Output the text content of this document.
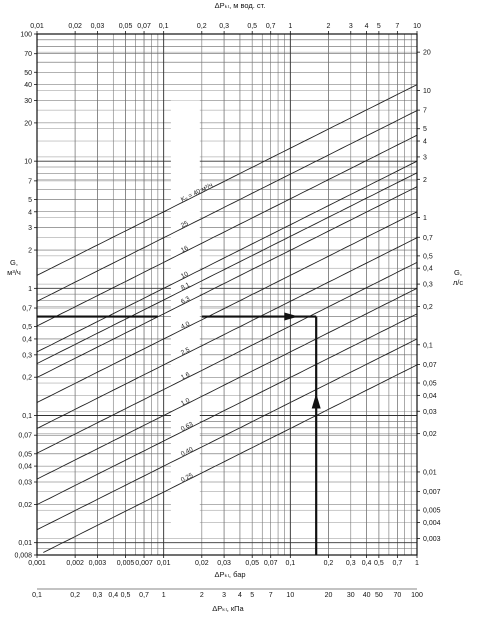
Kᵥ = 40 м³/ч
25
16
10
8,1
6,3
4,0
2,5
1,6
1,0
0,63
0,40
0,25
0,001	0,002 0,003 0,005 0,007 0,01	0,02 0,03 0,05 0,07 0,1	0,2 0,3 0,4 0,5 0,7 1
0,1	0,2 0,3 0,4 0,5 0,7 1	2	3 4 5 7 10	20 30 40 50 70 100
0,01	0,02 0,03 0,05 0,07 0,1	0,2 0,3	0,5 0,7 1	2	3 4 5 7 10
0,008
0,01
0,02
0,03
0,04
0,05
0,07
0,1
0,2
0,3
0,4
0,5
0,7
1
2
3
4
5
7
10
20
30
40
50
70
100
0,003
0,004
0,005
0,007
0,01
0,02
0,03
0,04
0,05
0,07
0,1
0,2
0,3
0,4
0,5
0,7
1
2
3
4
5
7
10
20
ΔPₖₗ, м вод. ст.
ΔPₖₗ, бар
ΔPₖₗ, кПа
G,
м³/ч	G,
л/с
